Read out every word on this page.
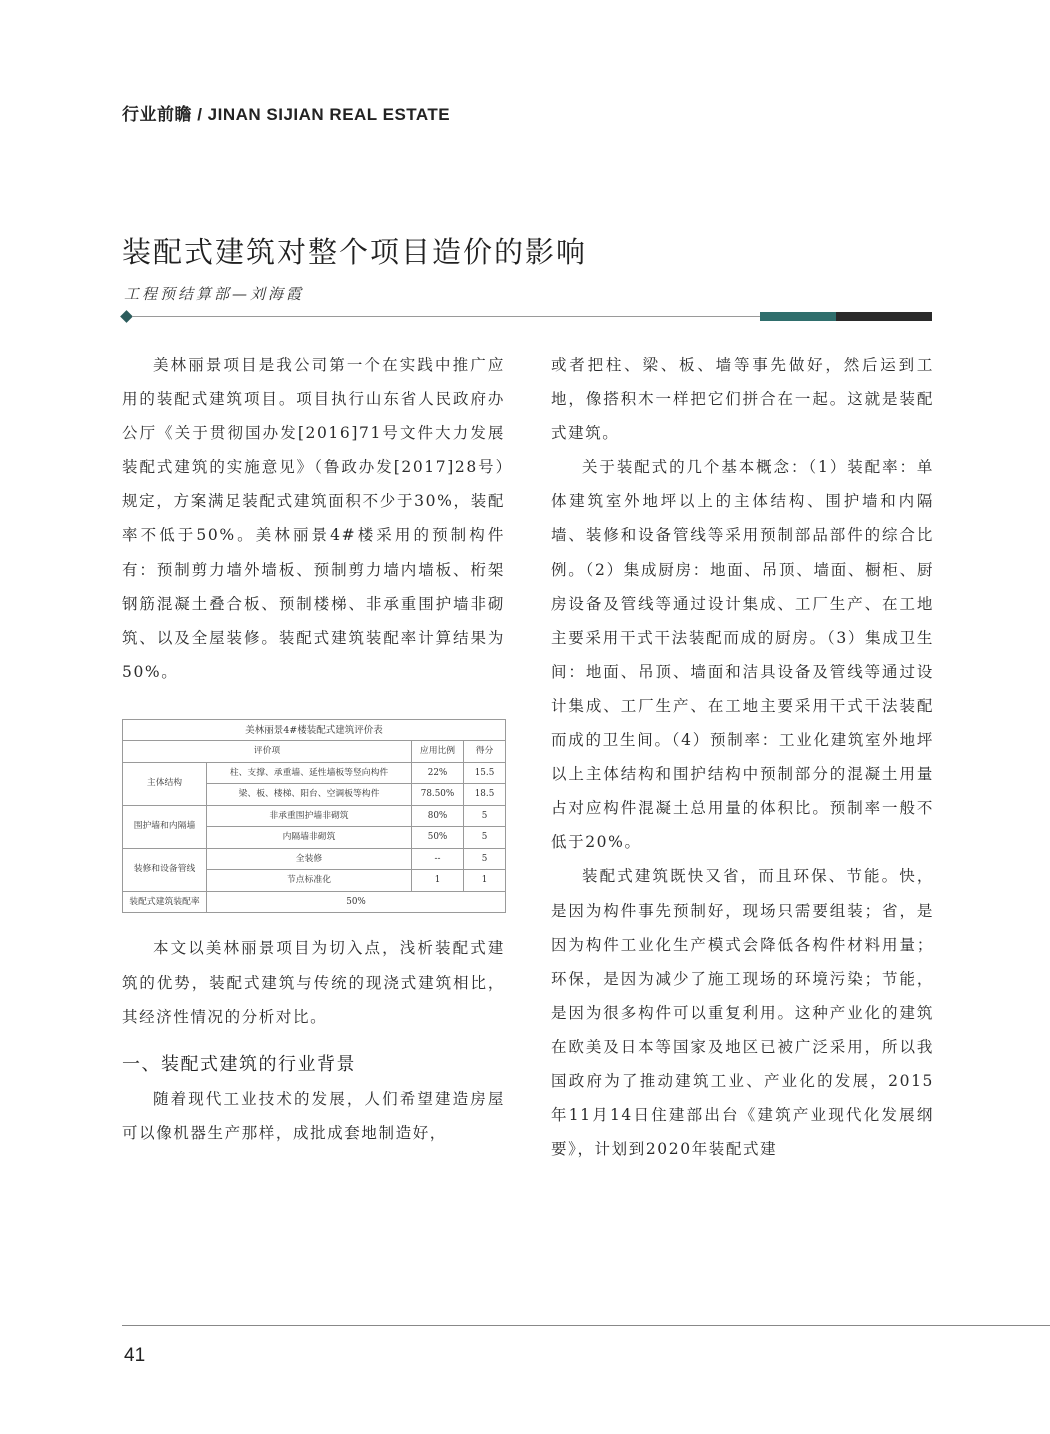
行业前瞻 / JINAN SIJIAN REAL ESTATE
装配式建筑对整个项目造价的影响
工程预结算部—刘海霞

美林丽景项目是我公司第一个在实践中推广应用的装配式建筑项目。项目执行山东省人民政府办公厅《关于贯彻国办发[2016]71号文件大力发展装配式建筑的实施意见》（鲁政办发[2017]28号）规定，方案满足装配式建筑面积不少于30%，装配率不低于50%。美林丽景4#楼采用的预制构件有：预制剪力墙外墙板、预制剪力墙内墙板、桁架钢筋混凝土叠合板、预制楼梯、非承重围护墙非砌筑、以及全屋装修。装配式建筑装配率计算结果为50%。

美林丽景4#楼装配式建筑评价表			
评价项		应用比例	得分
主体结构	柱、支撑、承重墙、延性墙板等竖向构件	22%	15.5
	梁、板、楼梯、阳台、空调板等构件	78.50%	18.5
围护墙和内隔墙	非承重围护墙非砌筑	80%	5
	内隔墙非砌筑	50%	5
装修和设备管线	全装修	--	5
	节点标准化	1	1
装配式建筑装配率	50%		

本文以美林丽景项目为切入点，浅析装配式建筑的优势，装配式建筑与传统的现浇式建筑相比，其经济性情况的分析对比。

一、装配式建筑的行业背景

随着现代工业技术的发展，人们希望建造房屋可以像机器生产那样，成批成套地制造好，

或者把柱、梁、板、墙等事先做好，然后运到工地，像搭积木一样把它们拼合在一起。这就是装配式建筑。

关于装配式的几个基本概念：（1）装配率：单体建筑室外地坪以上的主体结构、围护墙和内隔墙、装修和设备管线等采用预制部品部件的综合比例。（2）集成厨房：地面、吊顶、墙面、橱柜、厨房设备及管线等通过设计集成、工厂生产、在工地主要采用干式干法装配而成的厨房。（3）集成卫生间：地面、吊顶、墙面和洁具设备及管线等通过设计集成、工厂生产、在工地主要采用干式干法装配而成的卫生间。（4）预制率：工业化建筑室外地坪以上主体结构和围护结构中预制部分的混凝土用量占对应构件混凝土总用量的体积比。预制率一般不低于20%。

装配式建筑既快又省，而且环保、节能。快，是因为构件事先预制好，现场只需要组装；省，是因为构件工业化生产模式会降低各构件材料用量；环保，是因为减少了施工现场的环境污染；节能，是因为很多构件可以重复利用。这种产业化的建筑在欧美及日本等国家及地区已被广泛采用，所以我国政府为了推动建筑工业、产业化的发展，2015年11月14日住建部出台《建筑产业现代化发展纲要》，计划到2020年装配式建

41
